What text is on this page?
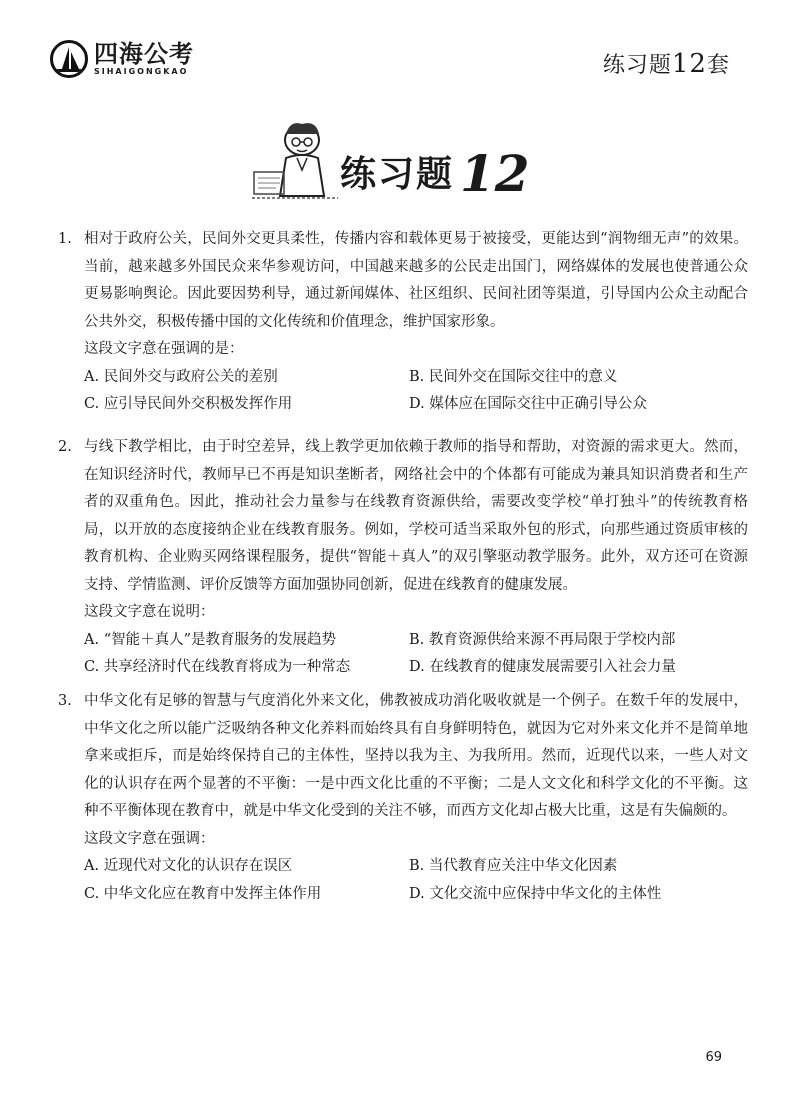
四海公考
SIHAIGONGKAO	练习题12套
练习题 12
1. 相对于政府公关，民间外交更具柔性，传播内容和载体更易于被接受，更能达到“润物细无声”的效果。当前，越来越多外国民众来华参观访问，中国越来越多的公民走出国门，网络媒体的发展也使普通公众更易影响舆论。因此要因势利导，通过新闻媒体、社区组织、民间社团等渠道，引导国内公众主动配合公共外交，积极传播中国的文化传统和价值理念，维护国家形象。
这段文字意在强调的是：
A. 民间外交与政府公关的差别	B. 民间外交在国际交往中的意义
C. 应引导民间外交积极发挥作用	D. 媒体应在国际交往中正确引导公众
2. 与线下教学相比，由于时空差异，线上教学更加依赖于教师的指导和帮助，对资源的需求更大。然而，在知识经济时代，教师早已不再是知识垄断者，网络社会中的个体都有可能成为兼具知识消费者和生产者的双重角色。因此，推动社会力量参与在线教育资源供给，需要改变学校“单打独斗”的传统教育格局，以开放的态度接纳企业在线教育服务。例如，学校可适当采取外包的形式，向那些通过资质审核的教育机构、企业购买网络课程服务，提供“智能＋真人”的双引擎驱动教学服务。此外，双方还可在资源支持、学情监测、评价反馈等方面加强协同创新，促进在线教育的健康发展。
这段文字意在说明：
A. “智能＋真人”是教育服务的发展趋势	B. 教育资源供给来源不再局限于学校内部
C. 共享经济时代在线教育将成为一种常态	D. 在线教育的健康发展需要引入社会力量
3. 中华文化有足够的智慧与气度消化外来文化，佛教被成功消化吸收就是一个例子。在数千年的发展中，中华文化之所以能广泛吸纳各种文化养料而始终具有自身鲜明特色，就因为它对外来文化并不是简单地拿来或拒斥，而是始终保持自己的主体性，坚持以我为主、为我所用。然而，近现代以来，一些人对文化的认识存在两个显著的不平衡：一是中西文化比重的不平衡；二是人文文化和科学文化的不平衡。这种不平衡体现在教育中，就是中华文化受到的关注不够，而西方文化却占极大比重，这是有失偏颇的。
这段文字意在强调：
A. 近现代对文化的认识存在误区	B. 当代教育应关注中华文化因素
C. 中华文化应在教育中发挥主体作用	D. 文化交流中应保持中华文化的主体性
69
